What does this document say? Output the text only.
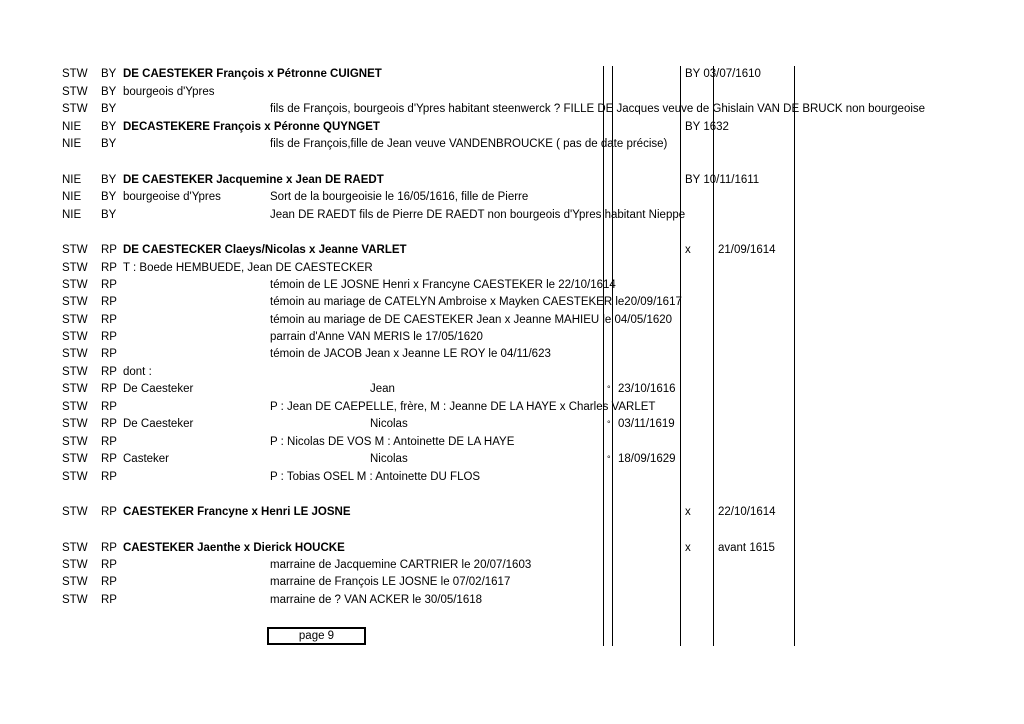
STW BY DE CAESTEKER François x Pétronne CUIGNET	BY 03/07/1610
STW BY bourgeois d'Ypres
STW BY	fils de François, bourgeois d'Ypres habitant steenwerck ? FILLE DE Jacques veuve de Ghislain VAN DE BRUCK non bourgeoise
NIE BY DECASTEKERE François x Péronne QUYNGET	BY 1632
NIE BY	fils de François,fille de Jean veuve VANDENBROUCKE ( pas de date précise)
NIE BY DE CAESTEKER Jacquemine x Jean DE RAEDT	BY 10/11/1611
NIE BY bourgeoise d'Ypres	Sort de la bourgeoisie le 16/05/1616, fille de Pierre
NIE BY	Jean DE RAEDT fils de Pierre DE RAEDT non bourgeois d'Ypres habitant Nieppe
STW RP DE CAESTECKER Claeys/Nicolas x Jeanne VARLET	x 21/09/1614
STW RP T : Boede HEMBUEDE, Jean DE CAESTECKER
STW RP	témoin de LE JOSNE Henri x Francyne CAESTEKER le 22/10/1614
STW RP	témoin au mariage de CATELYN Ambroise x Mayken CAESTEKER le20/09/1617
STW RP	témoin au mariage de DE CAESTEKER Jean x Jeanne MAHIEU le 04/05/1620
STW RP	parrain d'Anne VAN MERIS le 17/05/1620
STW RP	témoin de JACOB Jean x Jeanne LE ROY le 04/11/623
STW RP dont :
STW RP De Caesteker	Jean	° 23/10/1616
STW RP	P : Jean DE CAEPELLE, frère, M : Jeanne DE LA HAYE x Charles VARLET
STW RP De Caesteker	Nicolas	° 03/11/1619
STW RP	P : Nicolas DE VOS M : Antoinette DE LA HAYE
STW RP Casteker	Nicolas	° 18/09/1629
STW RP	P : Tobias OSEL M : Antoinette DU FLOS
STW RP CAESTEKER Francyne x Henri LE JOSNE	x 22/10/1614
STW RP CAESTEKER Jaenthe x Dierick HOUCKE	x avant 1615
STW RP	marraine de Jacquemine CARTRIER le 20/07/1603
STW RP	marraine de François LE JOSNE le 07/02/1617
STW RP	marraine de ? VAN ACKER le 30/05/1618
page 9
